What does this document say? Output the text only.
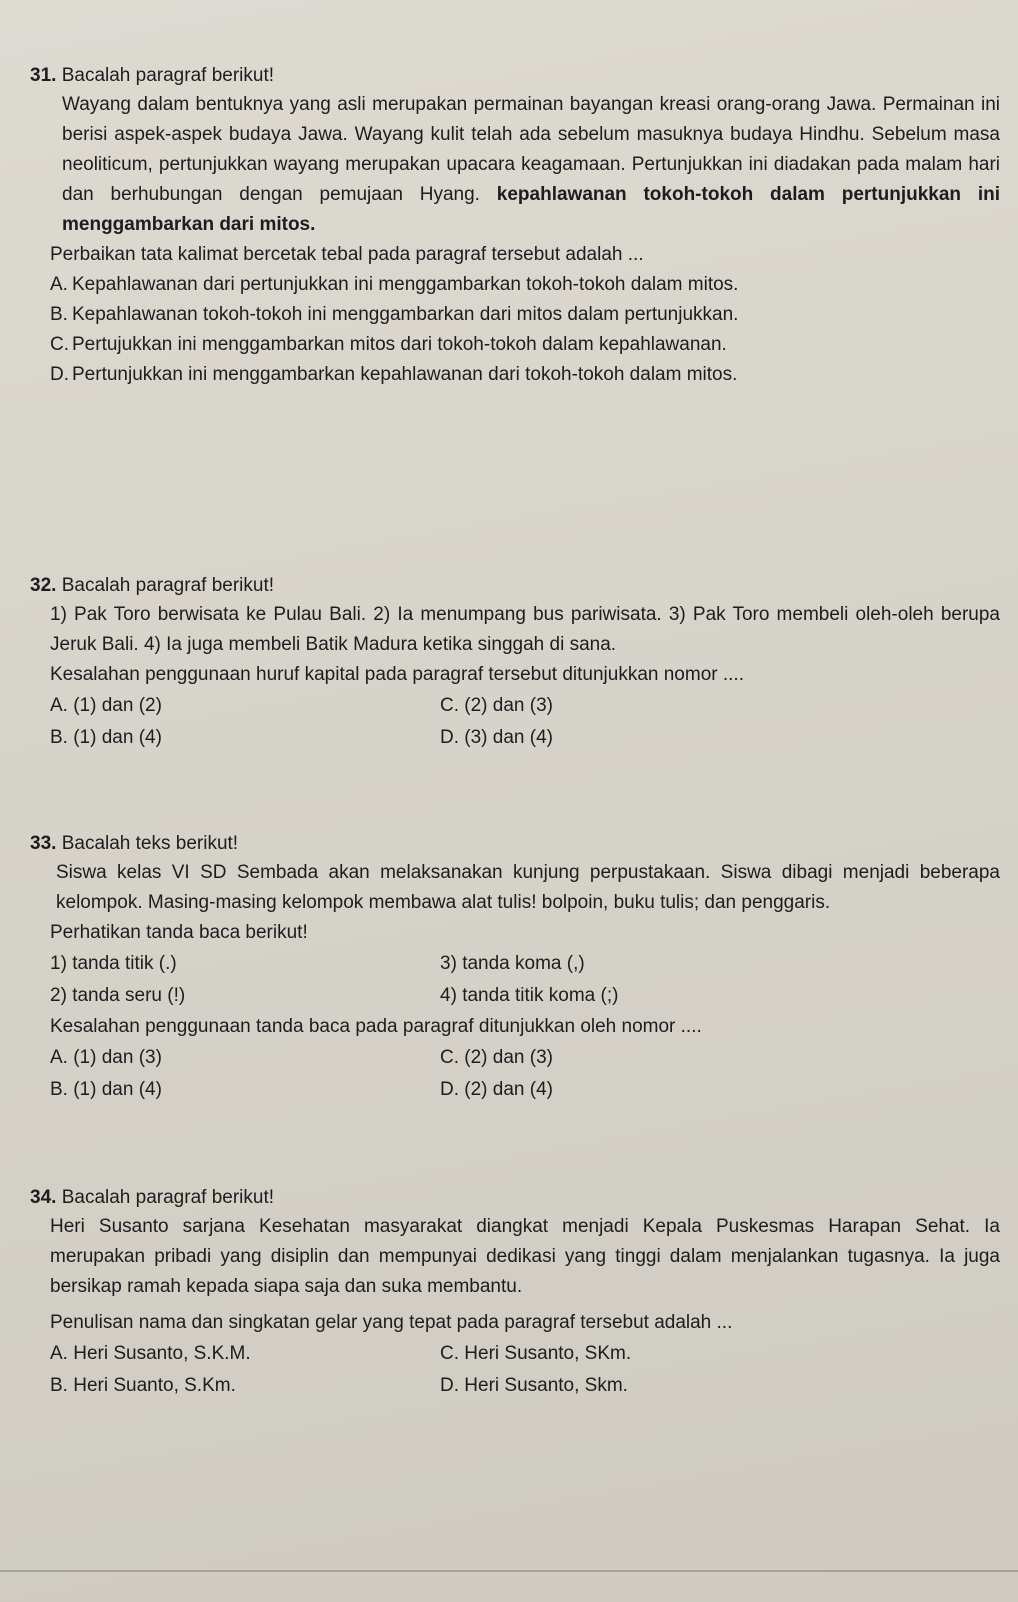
31. Bacalah paragraf berikut!
Wayang dalam bentuknya yang asli merupakan permainan bayangan kreasi orang-orang Jawa. Permainan ini berisi aspek-aspek budaya Jawa. Wayang kulit telah ada sebelum masuknya budaya Hindhu. Sebelum masa neoliticum, pertunjukkan wayang merupakan upacara keagamaan. Pertunjukkan ini diadakan pada malam hari dan berhubungan dengan pemujaan Hyang. kepahlawanan tokoh-tokoh dalam pertunjukkan ini menggambarkan dari mitos.
Perbaikan tata kalimat bercetak tebal pada paragraf tersebut adalah ...
A. Kepahlawanan dari pertunjukkan ini menggambarkan tokoh-tokoh dalam mitos.
B. Kepahlawanan tokoh-tokoh ini menggambarkan dari mitos dalam pertunjukkan.
C. Pertujukkan ini menggambarkan mitos dari tokoh-tokoh dalam kepahlawanan.
D. Pertunjukkan ini menggambarkan kepahlawanan dari tokoh-tokoh dalam mitos.
32. Bacalah paragraf berikut!
1) Pak Toro berwisata ke Pulau Bali. 2) Ia menumpang bus pariwisata. 3) Pak Toro membeli oleh-oleh berupa Jeruk Bali. 4) Ia juga membeli Batik Madura ketika singgah di sana.
Kesalahan penggunaan huruf kapital pada paragraf tersebut ditunjukkan nomor ....
A. (1) dan (2)	C. (2) dan (3)
B. (1) dan (4)	D. (3) dan (4)
33. Bacalah teks berikut!
Siswa kelas VI SD Sembada akan melaksanakan kunjung perpustakaan. Siswa dibagi menjadi beberapa kelompok. Masing-masing kelompok membawa alat tulis! bolpoin, buku tulis; dan penggaris.
Perhatikan tanda baca berikut!
1) tanda titik (.)	3) tanda koma (,)
2) tanda seru (!)	4) tanda titik koma (;)
Kesalahan penggunaan tanda baca pada paragraf ditunjukkan oleh nomor ....
A. (1) dan (3)	C. (2) dan (3)
B. (1) dan (4)	D. (2) dan (4)
34. Bacalah paragraf berikut!
Heri Susanto sarjana Kesehatan masyarakat diangkat menjadi Kepala Puskesmas Harapan Sehat. Ia merupakan pribadi yang disiplin dan mempunyai dedikasi yang tinggi dalam menjalankan tugasnya. Ia juga bersikap ramah kepada siapa saja dan suka membantu.
Penulisan nama dan singkatan gelar yang tepat pada paragraf tersebut adalah ...
A. Heri Susanto, S.K.M.	C. Heri Susanto, SKm.
B. Heri Suanto, S.Km.	D. Heri Susanto, Skm.
